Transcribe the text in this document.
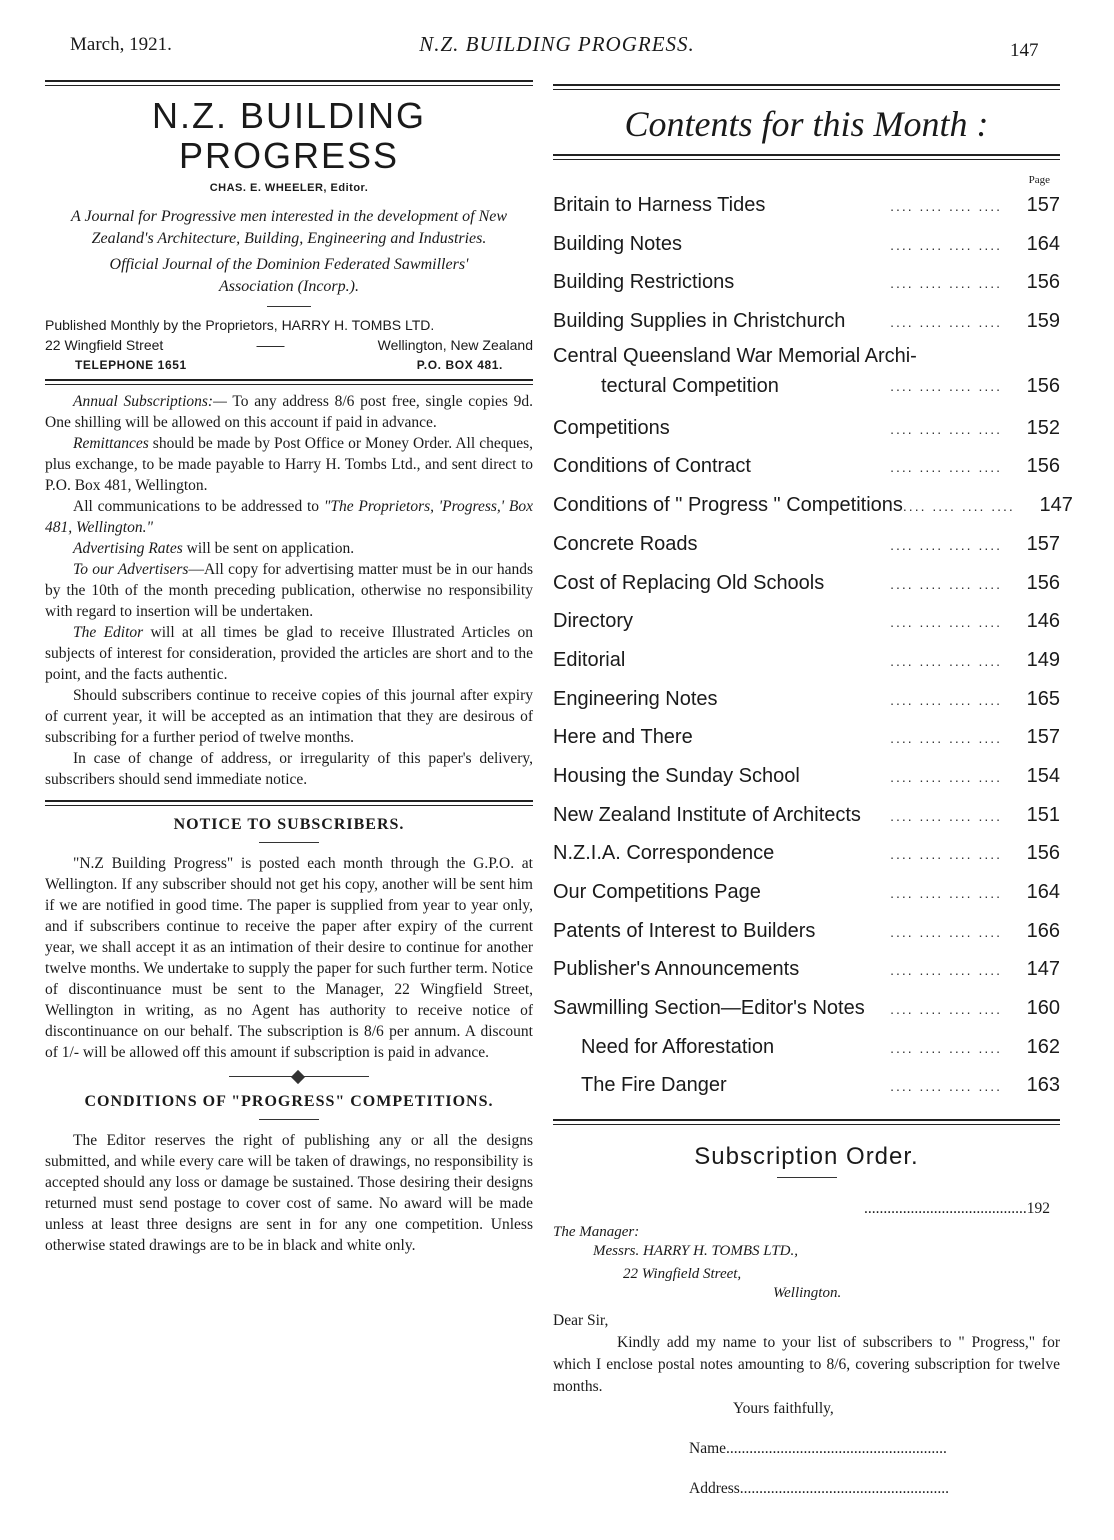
March, 1921.	N.Z. BUILDING PROGRESS.	147
N.Z. BUILDING PROGRESS
CHAS. E. WHEELER, Editor.
A Journal for Progressive men interested in the development of New Zealand's Architecture, Building, Engineering and Industries.
Official Journal of the Dominion Federated Sawmillers' Association (Incorp.).
Published Monthly by the Proprietors, HARRY H. TOMBS LTD.
22 Wingfield Street	——	Wellington, New Zealand
TELEPHONE 1651	P.O. BOX 481.

Annual Subscriptions:— To any address 8/6 post free, single copies 9d. One shilling will be allowed on this account if paid in advance.

Remittances should be made by Post Office or Money Order. All cheques, plus exchange, to be made payable to Harry H. Tombs Ltd., and sent direct to P.O. Box 481, Wellington.

All communications to be addressed to "The Proprietors, 'Progress,' Box 481, Wellington."

Advertising Rates will be sent on application.

To our Advertisers—All copy for advertising matter must be in our hands by the 10th of the month preceding publication, otherwise no responsibility with regard to insertion will be undertaken.

The Editor will at all times be glad to receive Illustrated Articles on subjects of interest for consideration, provided the articles are short and to the point, and the facts authentic.

Should subscribers continue to receive copies of this journal after expiry of current year, it will be accepted as an intimation that they are desirous of subscribing for a further period of twelve months.

In case of change of address, or irregularity of this paper's delivery, subscribers should send immediate notice.

NOTICE TO SUBSCRIBERS.

"N.Z Building Progress" is posted each month through the G.P.O. at Wellington. If any subscriber should not get his copy, another will be sent him if we are notified in good time. The paper is supplied from year to year only, and if subscribers continue to receive the paper after expiry of the current year, we shall accept it as an intimation of their desire to continue for another twelve months. We undertake to supply the paper for such further term. Notice of discontinuance must be sent to the Manager, 22 Wingfield Street, Wellington in writing, as no Agent has authority to receive notice of discontinuance on our behalf. The subscription is 8/6 per annum. A discount of 1/- will be allowed off this amount if subscription is paid in advance.

CONDITIONS OF "PROGRESS" COMPETITIONS.

The Editor reserves the right of publishing any or all the designs submitted, and while every care will be taken of drawings, no responsibility is accepted should any loss or damage be sustained. Those desiring their designs returned must send postage to cover cost of same. No award will be made unless at least three designs are sent in for any one competition. Unless otherwise stated drawings are to be in black and white only.

Contents for this Month :
Page
Britain to Harness Tides	.... .... .... ....	157
Building Notes	.... .... .... ....	164
Building Restrictions	.... .... .... ....	156
Building Supplies in Christchurch	.... .... .... ....	159
Central Queensland War Memorial Archi-
tectural Competition	.... .... .... ....	156
Competitions	.... .... .... ....	152
Conditions of Contract	.... .... .... ....	156
Conditions of " Progress " Competitions .... .... .... ....	147
Concrete Roads	.... .... .... ....	157
Cost of Replacing Old Schools	.... .... .... ....	156
Directory	.... .... .... ....	146
Editorial	.... .... .... ....	149
Engineering Notes	.... .... .... ....	165
Here and There	.... .... .... ....	157
Housing the Sunday School	.... .... .... ....	154
New Zealand Institute of Architects	.... .... .... ....	151
N.Z.I.A. Correspondence	.... .... .... ....	156
Our Competitions Page	.... .... .... ....	164
Patents of Interest to Builders	.... .... .... ....	166
Publisher's Announcements	.... .... .... ....	147
Sawmilling Section—Editor's Notes	.... .... .... ....	160
Need for Afforestation	.... .... .... ....	162
The Fire Danger	.... .... .... ....	163
Subscription Order.
..........................................192
The Manager:
Messrs. HARRY H. TOMBS LTD.,
22 Wingfield Street,
Wellington.
Dear Sir,

Kindly add my name to your list of subscribers to " Progress," for which I enclose postal notes amounting to 8/6, covering subscription for twelve months.

Yours faithfully,
Name.........................................................
Address......................................................
